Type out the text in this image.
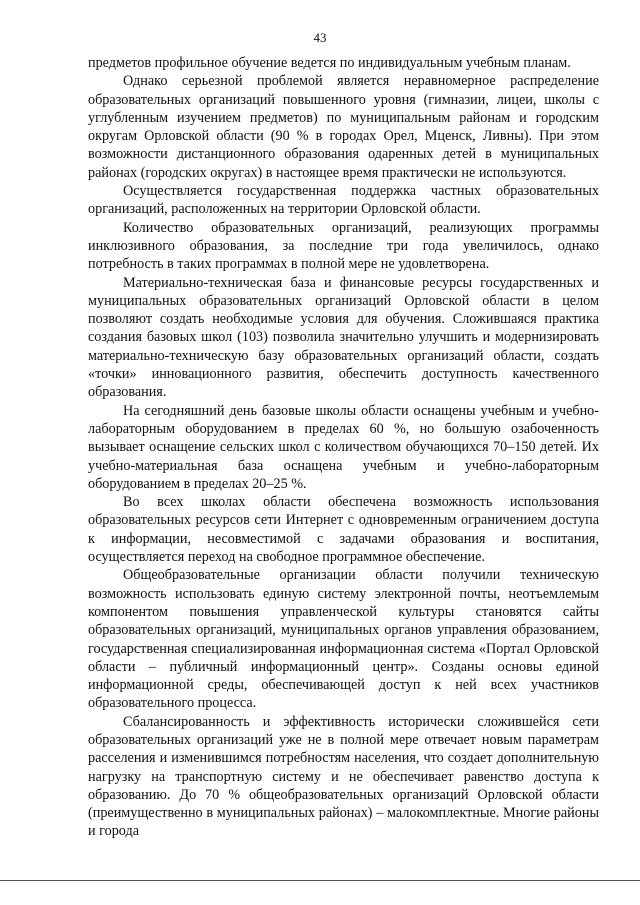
43

предметов профильное обучение ведется по индивидуальным учебным планам.

Однако серьезной проблемой является неравномерное распределение образовательных организаций повышенного уровня (гимназии, лицеи, школы с углубленным изучением предметов) по муниципальным районам и городским округам Орловской области (90 % в городах Орел, Мценск, Ливны). При этом возможности дистанционного образования одаренных детей в муниципальных районах (городских округах) в настоящее время практически не используются.

Осуществляется государственная поддержка частных образовательных организаций, расположенных на территории Орловской области.

Количество образовательных организаций, реализующих программы инклюзивного образования, за последние три года увеличилось, однако потребность в таких программах в полной мере не удовлетворена.

Материально-техническая база и финансовые ресурсы государственных и муниципальных образовательных организаций Орловской области в целом позволяют создать необходимые условия для обучения. Сложившаяся практика создания базовых школ (103) позволила значительно улучшить и модернизировать материально-техническую базу образовательных организаций области, создать «точки» инновационного развития, обеспечить доступность качественного образования.

На сегодняшний день базовые школы области оснащены учебным и учебно-лабораторным оборудованием в пределах 60 %, но большую озабоченность вызывает оснащение сельских школ с количеством обучающихся 70–150 детей. Их учебно-материальная база оснащена учебным и учебно-лабораторным оборудованием в пределах 20–25 %.

Во всех школах области обеспечена возможность использования образовательных ресурсов сети Интернет с одновременным ограничением доступа к информации, несовместимой с задачами образования и воспитания, осуществляется переход на свободное программное обеспечение.

Общеобразовательные организации области получили техническую возможность использовать единую систему электронной почты, неотъемлемым компонентом повышения управленческой культуры становятся сайты образовательных организаций, муниципальных органов управления образованием, государственная специализированная информационная система «Портал Орловской области – публичный информационный центр». Созданы основы единой информационной среды, обеспечивающей доступ к ней всех участников образовательного процесса.

Сбалансированность и эффективность исторически сложившейся сети образовательных организаций уже не в полной мере отвечает новым параметрам расселения и изменившимся потребностям населения, что создает дополнительную нагрузку на транспортную систему и не обеспечивает равенство доступа к образованию. До 70 % общеобразовательных организаций Орловской области (преимущественно в муниципальных районах) – малокомплектные. Многие районы и города
